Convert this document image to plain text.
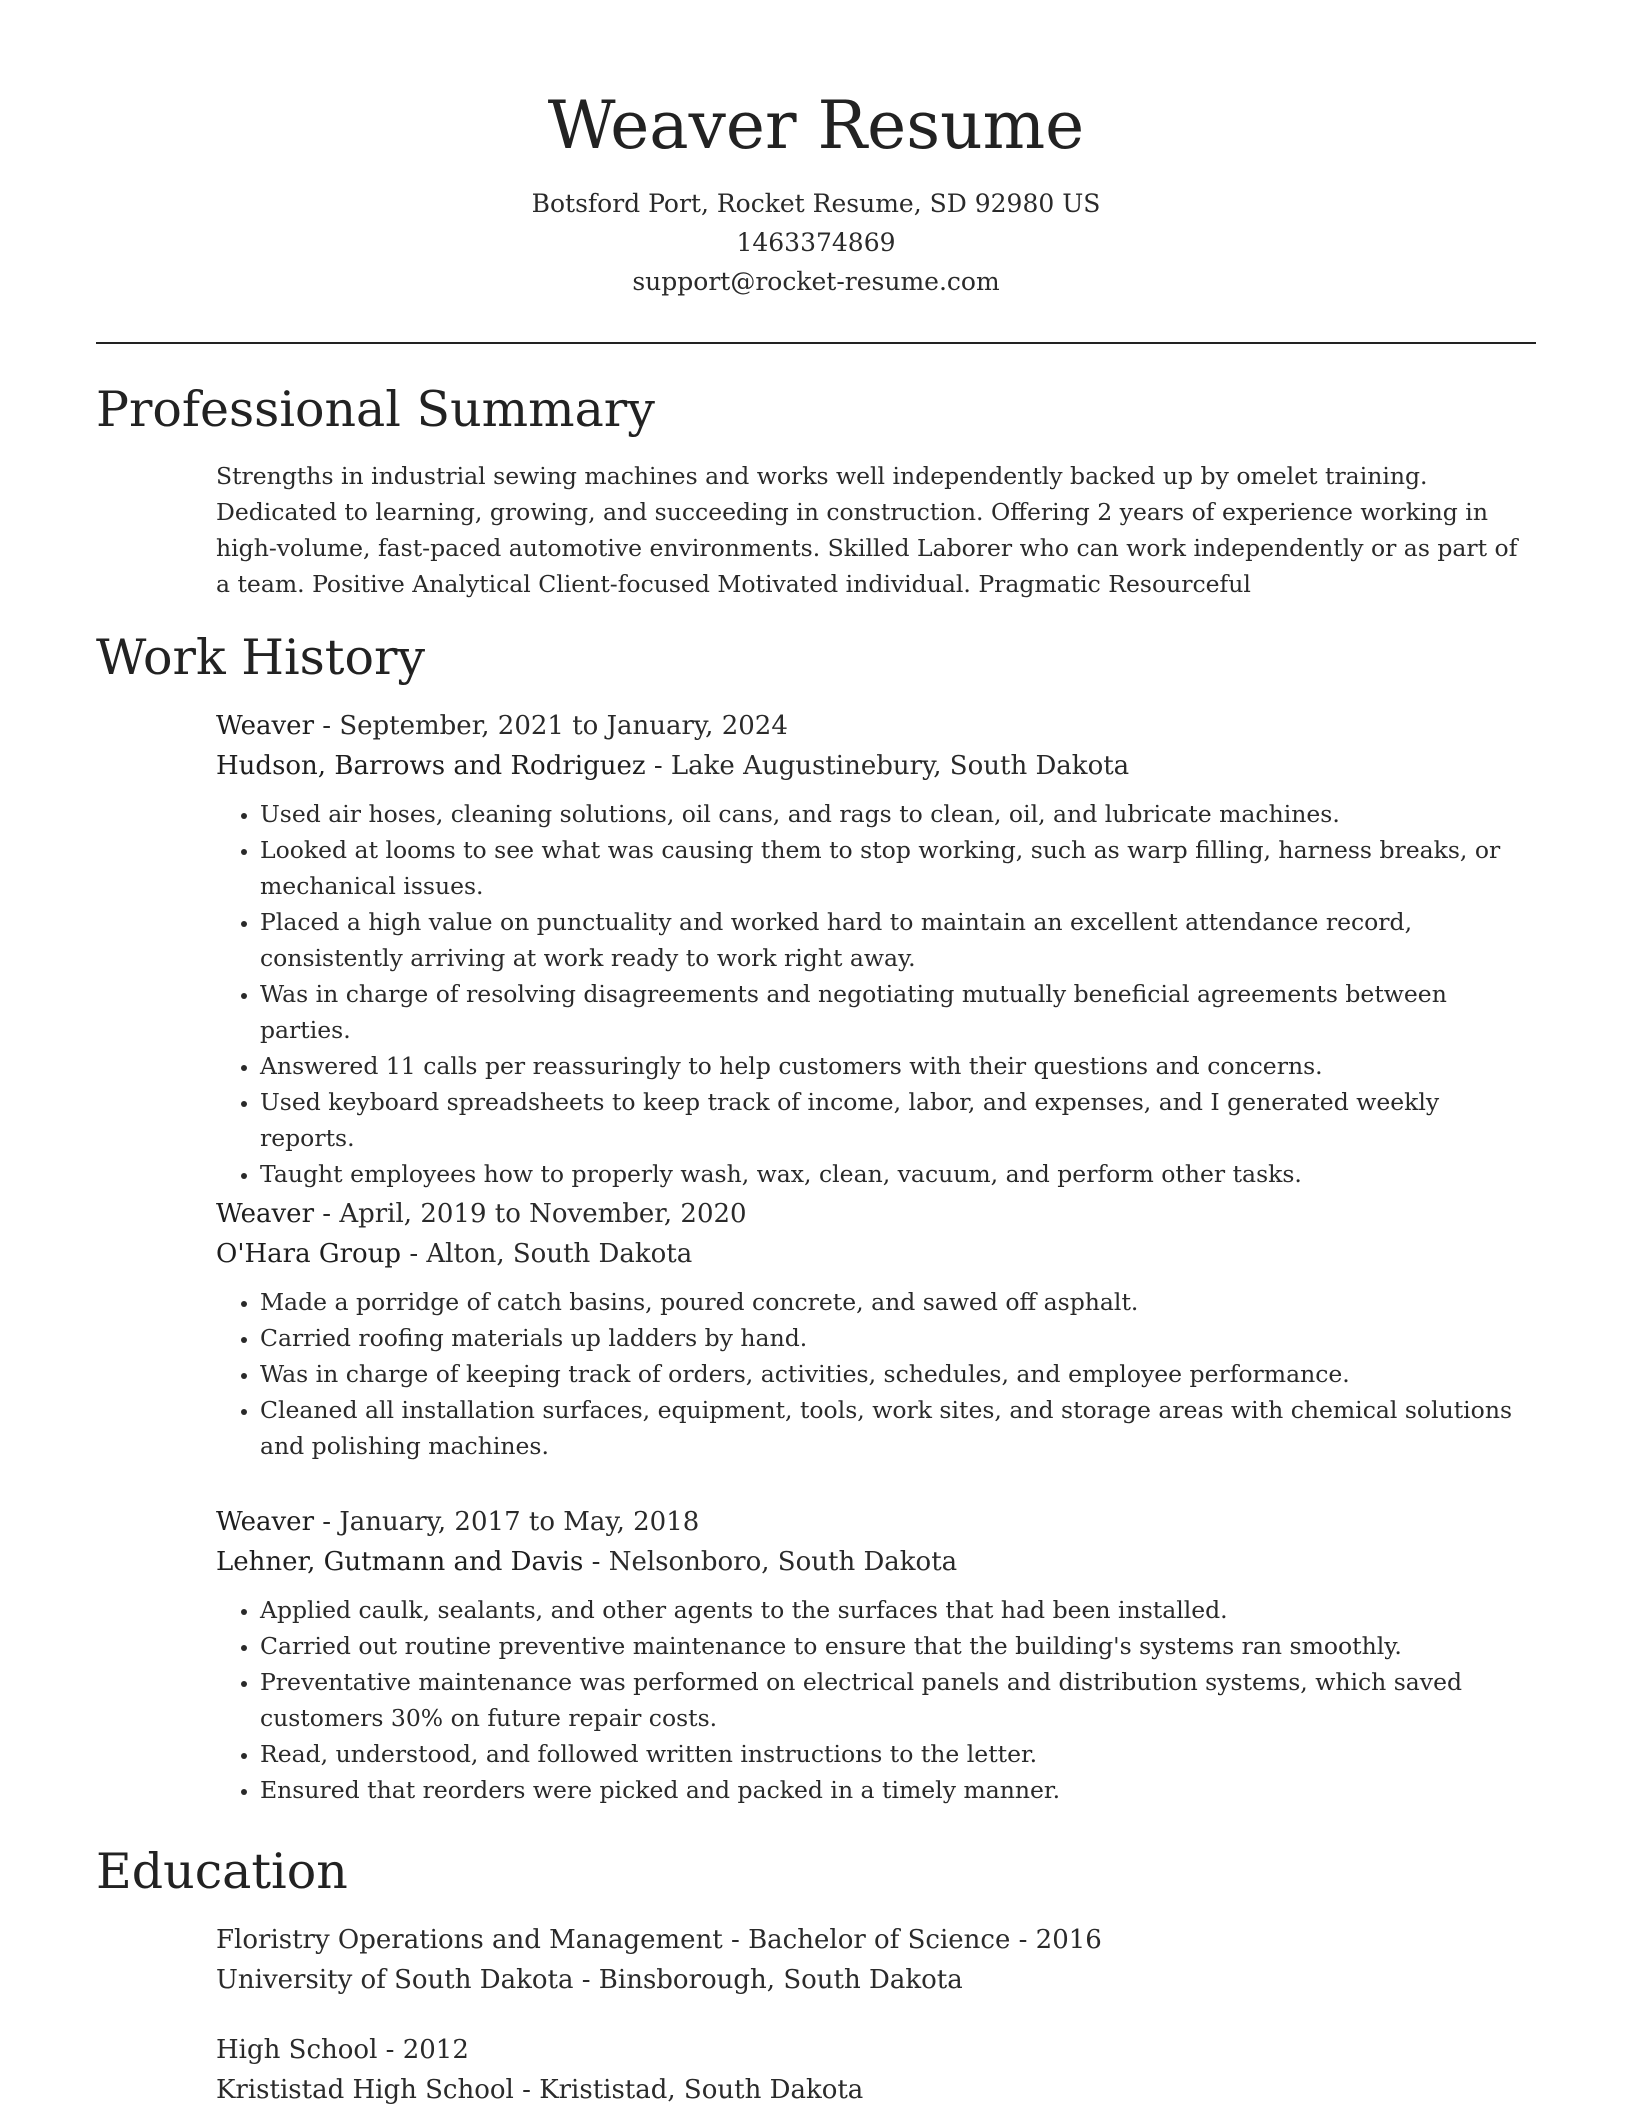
Weaver Resume
Botsford Port, Rocket Resume, SD 92980 US
1463374869
support@rocket-resume.com
Professional Summary
Strengths in industrial sewing machines and works well independently backed up by omelet training. Dedicated to learning, growing, and succeeding in construction. Offering 2 years of experience working in high-volume, fast-paced automotive environments. Skilled Laborer who can work independently or as part of a team. Positive Analytical Client-focused Motivated individual. Pragmatic Resourceful
Work History
Weaver - September, 2021 to January, 2024
Hudson, Barrows and Rodriguez - Lake Augustinebury, South Dakota
• Used air hoses, cleaning solutions, oil cans, and rags to clean, oil, and lubricate machines.
• Looked at looms to see what was causing them to stop working, such as warp filling, harness breaks, or mechanical issues.
• Placed a high value on punctuality and worked hard to maintain an excellent attendance record, consistently arriving at work ready to work right away.
• Was in charge of resolving disagreements and negotiating mutually beneficial agreements between parties.
• Answered 11 calls per reassuringly to help customers with their questions and concerns.
• Used keyboard spreadsheets to keep track of income, labor, and expenses, and I generated weekly reports.
• Taught employees how to properly wash, wax, clean, vacuum, and perform other tasks.
Weaver - April, 2019 to November, 2020
O'Hara Group - Alton, South Dakota
• Made a porridge of catch basins, poured concrete, and sawed off asphalt.
• Carried roofing materials up ladders by hand.
• Was in charge of keeping track of orders, activities, schedules, and employee performance.
• Cleaned all installation surfaces, equipment, tools, work sites, and storage areas with chemical solutions and polishing machines.
Weaver - January, 2017 to May, 2018
Lehner, Gutmann and Davis - Nelsonboro, South Dakota
• Applied caulk, sealants, and other agents to the surfaces that had been installed.
• Carried out routine preventive maintenance to ensure that the building's systems ran smoothly.
• Preventative maintenance was performed on electrical panels and distribution systems, which saved customers 30% on future repair costs.
• Read, understood, and followed written instructions to the letter.
• Ensured that reorders were picked and packed in a timely manner.
Education
Floristry Operations and Management - Bachelor of Science - 2016
University of South Dakota - Binsborough, South Dakota
High School - 2012
Krististad High School - Krististad, South Dakota
